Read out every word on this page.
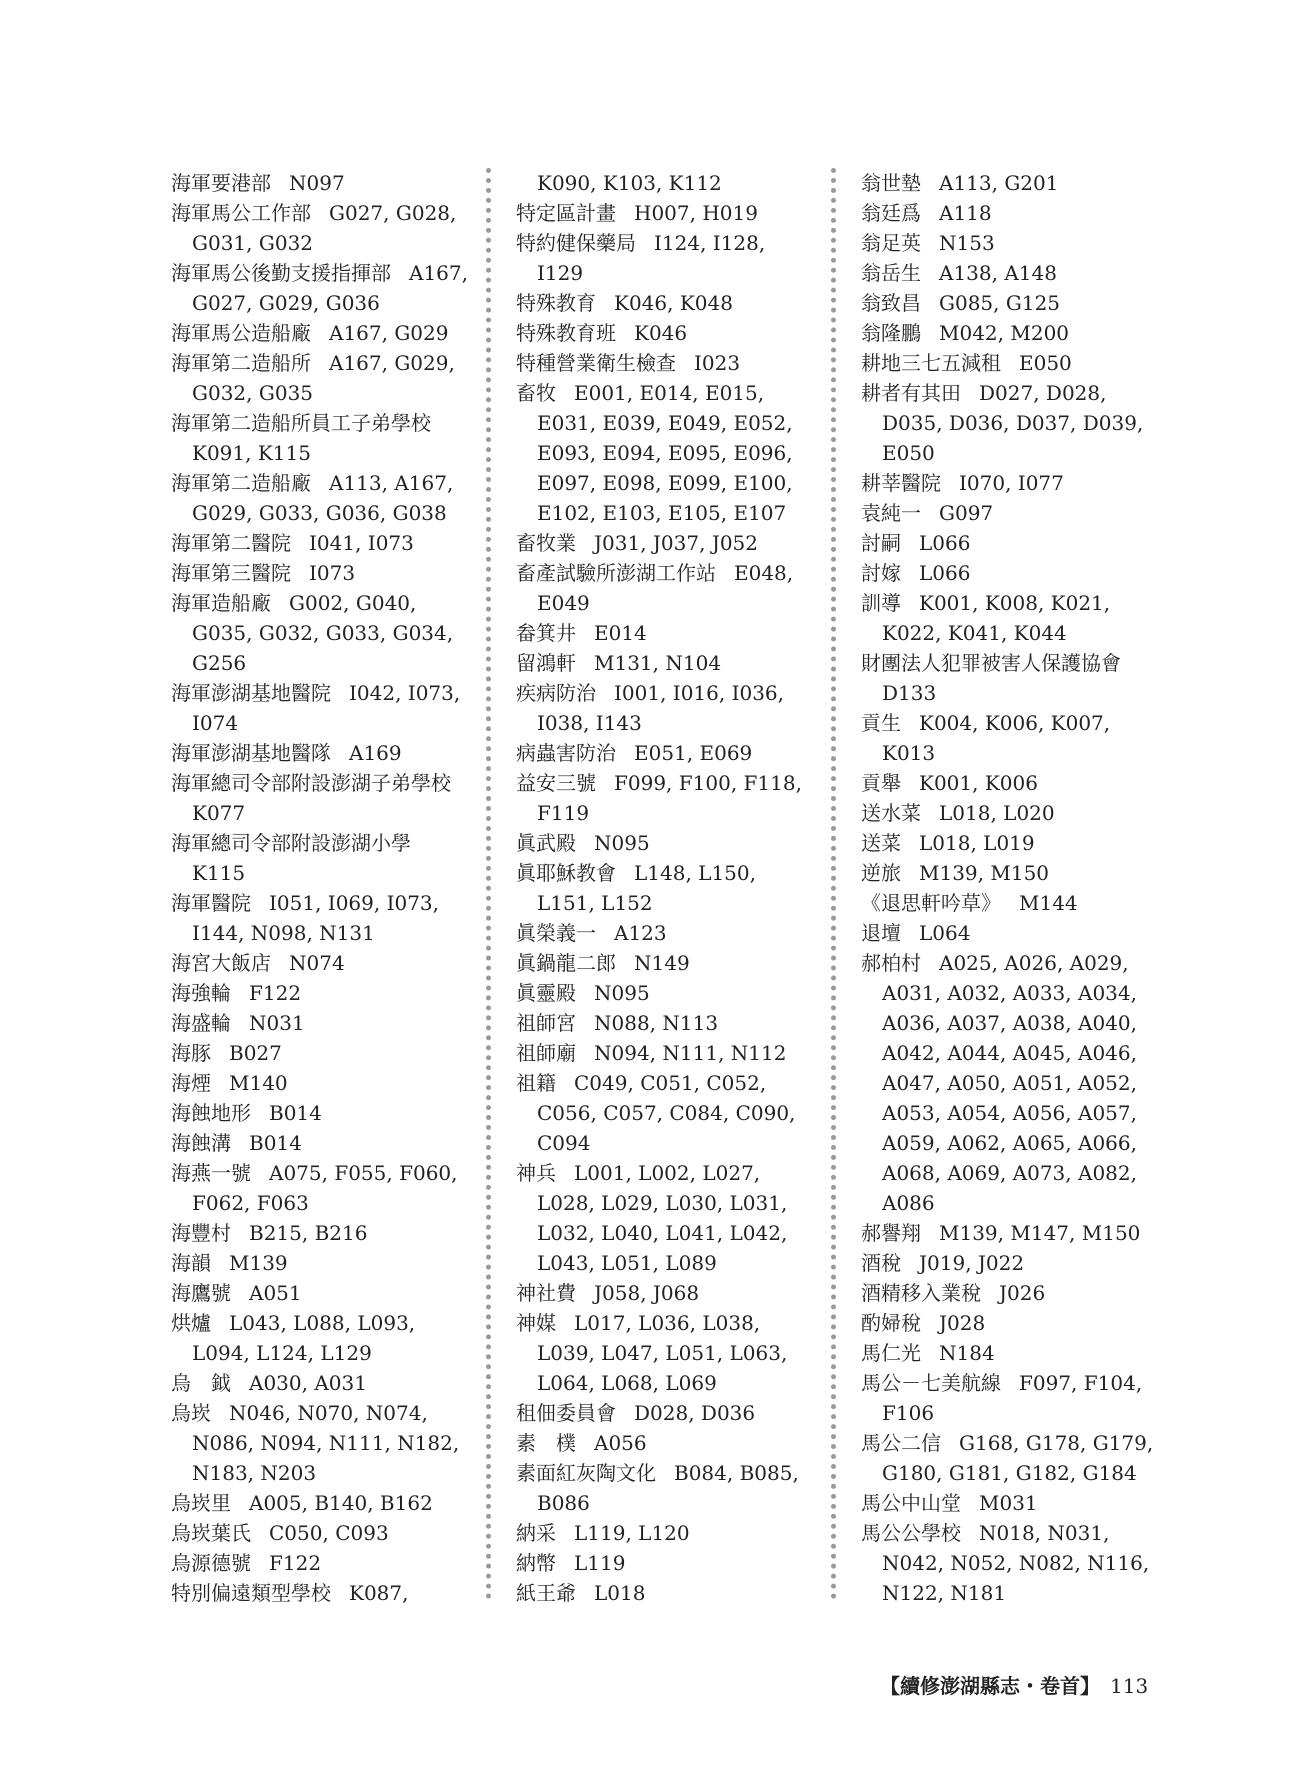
海軍要港部 N097
海軍馬公工作部 G027, G028, G031, G032
海軍馬公後勤支援指揮部 A167, G027, G029, G036
海軍馬公造船廠 A167, G029
海軍第二造船所 A167, G029, G032, G035
海軍第二造船所員工子弟學校K091, K115
海軍第二造船廠 A113, A167, G029, G033, G036, G038
海軍第二醫院 I041, I073
海軍第三醫院 I073
海軍造船廠 G002, G040, G035, G032, G033, G034, G256
海軍澎湖基地醫院 I042, I073, I074
海軍澎湖基地醫隊 A169
海軍總司令部附設澎湖子弟學校K077
海軍總司令部附設澎湖小學K115
海軍醫院 I051, I069, I073, I144, N098, N131
海宮大飯店 N074
海強輪 F122
海盛輪 N031
海豚 B027
海煙 M140
海蝕地形 B014
海蝕溝 B014
海燕一號 A075, F055, F060, F062, F063
海豐村 B215, B216
海韻 M139
海鷹號 A051
烘爐 L043, L088, L093, L094, L124, L129
烏　鉞 A030, A031
烏崁 N046, N070, N074, N086, N094, N111, N182, N183, N203
烏崁里 A005, B140, B162
烏崁葉氏 C050, C093
烏源德號 F122
特別偏遠類型學校 K087,
K090, K103, K112
特定區計畫 H007, H019
特約健保藥局 I124, I128, I129
特殊教育 K046, K048
特殊教育班 K046
特種營業衛生檢查 I023
畜牧 E001, E014, E015, E031, E039, E049, E052, E093, E094, E095, E096, E097, E098, E099, E100, E102, E103, E105, E107
畜牧業 J031, J037, J052
畜產試驗所澎湖工作站 E048, E049
畚箕井 E014
留鴻軒 M131, N104
疾病防治 I001, I016, I036, I038, I143
病蟲害防治 E051, E069
益安三號 F099, F100, F118, F119
眞武殿 N095
眞耶穌教會 L148, L150, L151, L152
眞榮義一 A123
眞鍋龍二郎 N149
眞靈殿 N095
祖師宮 N088, N113
祖師廟 N094, N111, N112
祖籍 C049, C051, C052, C056, C057, C084, C090, C094
神兵 L001, L002, L027, L028, L029, L030, L031, L032, L040, L041, L042, L043, L051, L089
神社費 J058, J068
神媒 L017, L036, L038, L039, L047, L051, L063, L064, L068, L069
租佃委員會 D028, D036
素　樸 A056
素面紅灰陶文化 B084, B085, B086
納采 L119, L120
納幣 L119
紙王爺 L018
翁世墊 A113, G201
翁廷爲 A118
翁足英 N153
翁岳生 A138, A148
翁致昌 G085, G125
翁隆鵬 M042, M200
耕地三七五減租 E050
耕者有其田 D027, D028, D035, D036, D037, D039, E050
耕莘醫院 I070, I077
袁純一 G097
討嗣 L066
討嫁 L066
訓導 K001, K008, K021, K022, K041, K044
財團法人犯罪被害人保護協會D133
貢生 K004, K006, K007, K013
貢舉 K001, K006
送水菜 L018, L020
送菜 L018, L019
逆旅 M139, M150
《退思軒吟草》 M144
退壇 L064
郝柏村 A025, A026, A029, A031, A032, A033, A034, A036, A037, A038, A040, A042, A044, A045, A046, A047, A050, A051, A052, A053, A054, A056, A057, A059, A062, A065, A066, A068, A069, A073, A082, A086
郝譽翔 M139, M147, M150
酒稅 J019, J022
酒精移入業稅 J026
酌婦稅 J028
馬仁光 N184
馬公－七美航線 F097, F104, F106
馬公二信 G168, G178, G179, G180, G181, G182, G184
馬公中山堂 M031
馬公公學校 N018, N031, N042, N052, N082, N116, N122, N181
【續修澎湖縣志・卷首】 113
